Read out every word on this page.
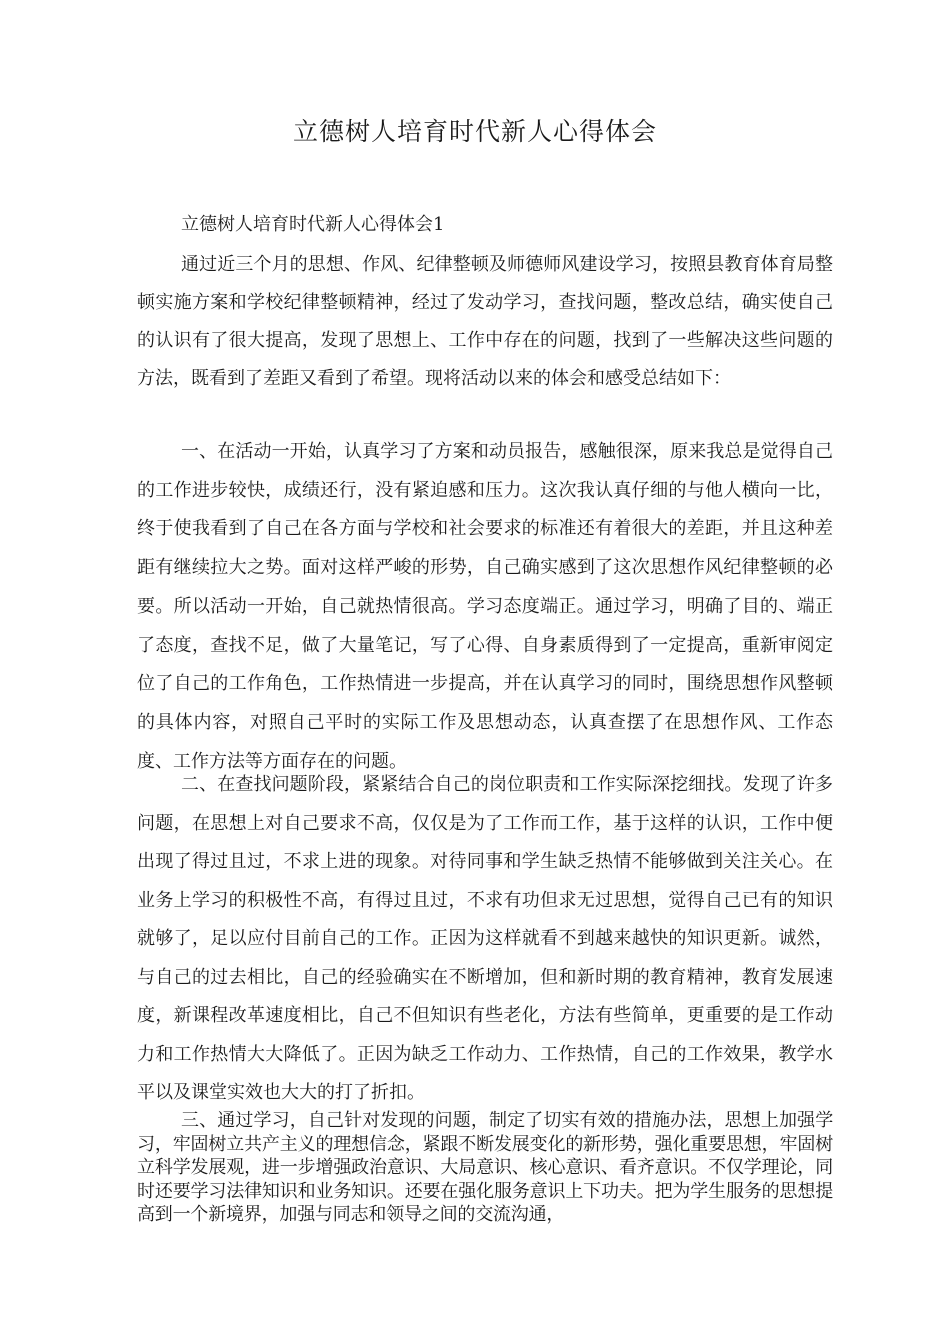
立德树人培育时代新人心得体会

立德树人培育时代新人心得体会1

通过近三个月的思想、作风、纪律整顿及师德师风建设学习，按照县教育体育局整顿实施方案和学校纪律整顿精神，经过了发动学习，查找问题，整改总结，确实使自己的认识有了很大提高，发现了思想上、工作中存在的问题，找到了一些解决这些问题的方法，既看到了差距又看到了希望。现将活动以来的体会和感受总结如下：

一、在活动一开始，认真学习了方案和动员报告，感触很深，原来我总是觉得自己的工作进步较快，成绩还行，没有紧迫感和压力。这次我认真仔细的与他人横向一比，终于使我看到了自己在各方面与学校和社会要求的标准还有着很大的差距，并且这种差距有继续拉大之势。面对这样严峻的形势，自己确实感到了这次思想作风纪律整顿的必要。所以活动一开始，自己就热情很高。学习态度端正。通过学习，明确了目的、端正了态度，查找不足，做了大量笔记，写了心得、自身素质得到了一定提高，重新审阅定位了自己的工作角色，工作热情进一步提高，并在认真学习的同时，围绕思想作风整顿的具体内容，对照自己平时的实际工作及思想动态，认真查摆了在思想作风、工作态度、工作方法等方面存在的问题。

二、在查找问题阶段，紧紧结合自己的岗位职责和工作实际深挖细找。发现了许多问题，在思想上对自己要求不高，仅仅是为了工作而工作，基于这样的认识，工作中便出现了得过且过，不求上进的现象。对待同事和学生缺乏热情不能够做到关注关心。在业务上学习的积极性不高，有得过且过，不求有功但求无过思想，觉得自己已有的知识就够了，足以应付目前自己的工作。正因为这样就看不到越来越快的知识更新。诚然，与自己的过去相比，自己的经验确实在不断增加，但和新时期的教育精神，教育发展速度，新课程改革速度相比，自己不但知识有些老化，方法有些简单，更重要的是工作动力和工作热情大大降低了。正因为缺乏工作动力、工作热情，自己的工作效果，教学水平以及课堂实效也大大的打了折扣。

三、通过学习，自己针对发现的问题，制定了切实有效的措施办法，思想上加强学习，牢固树立共产主义的理想信念，紧跟不断发展变化的新形势，强化重要思想，牢固树立科学发展观，进一步增强政治意识、大局意识、核心意识、看齐意识。不仅学理论，同时还要学习法律知识和业务知识。还要在强化服务意识上下功夫。把为学生服务的思想提高到一个新境界，加强与同志和领导之间的交流沟通，
